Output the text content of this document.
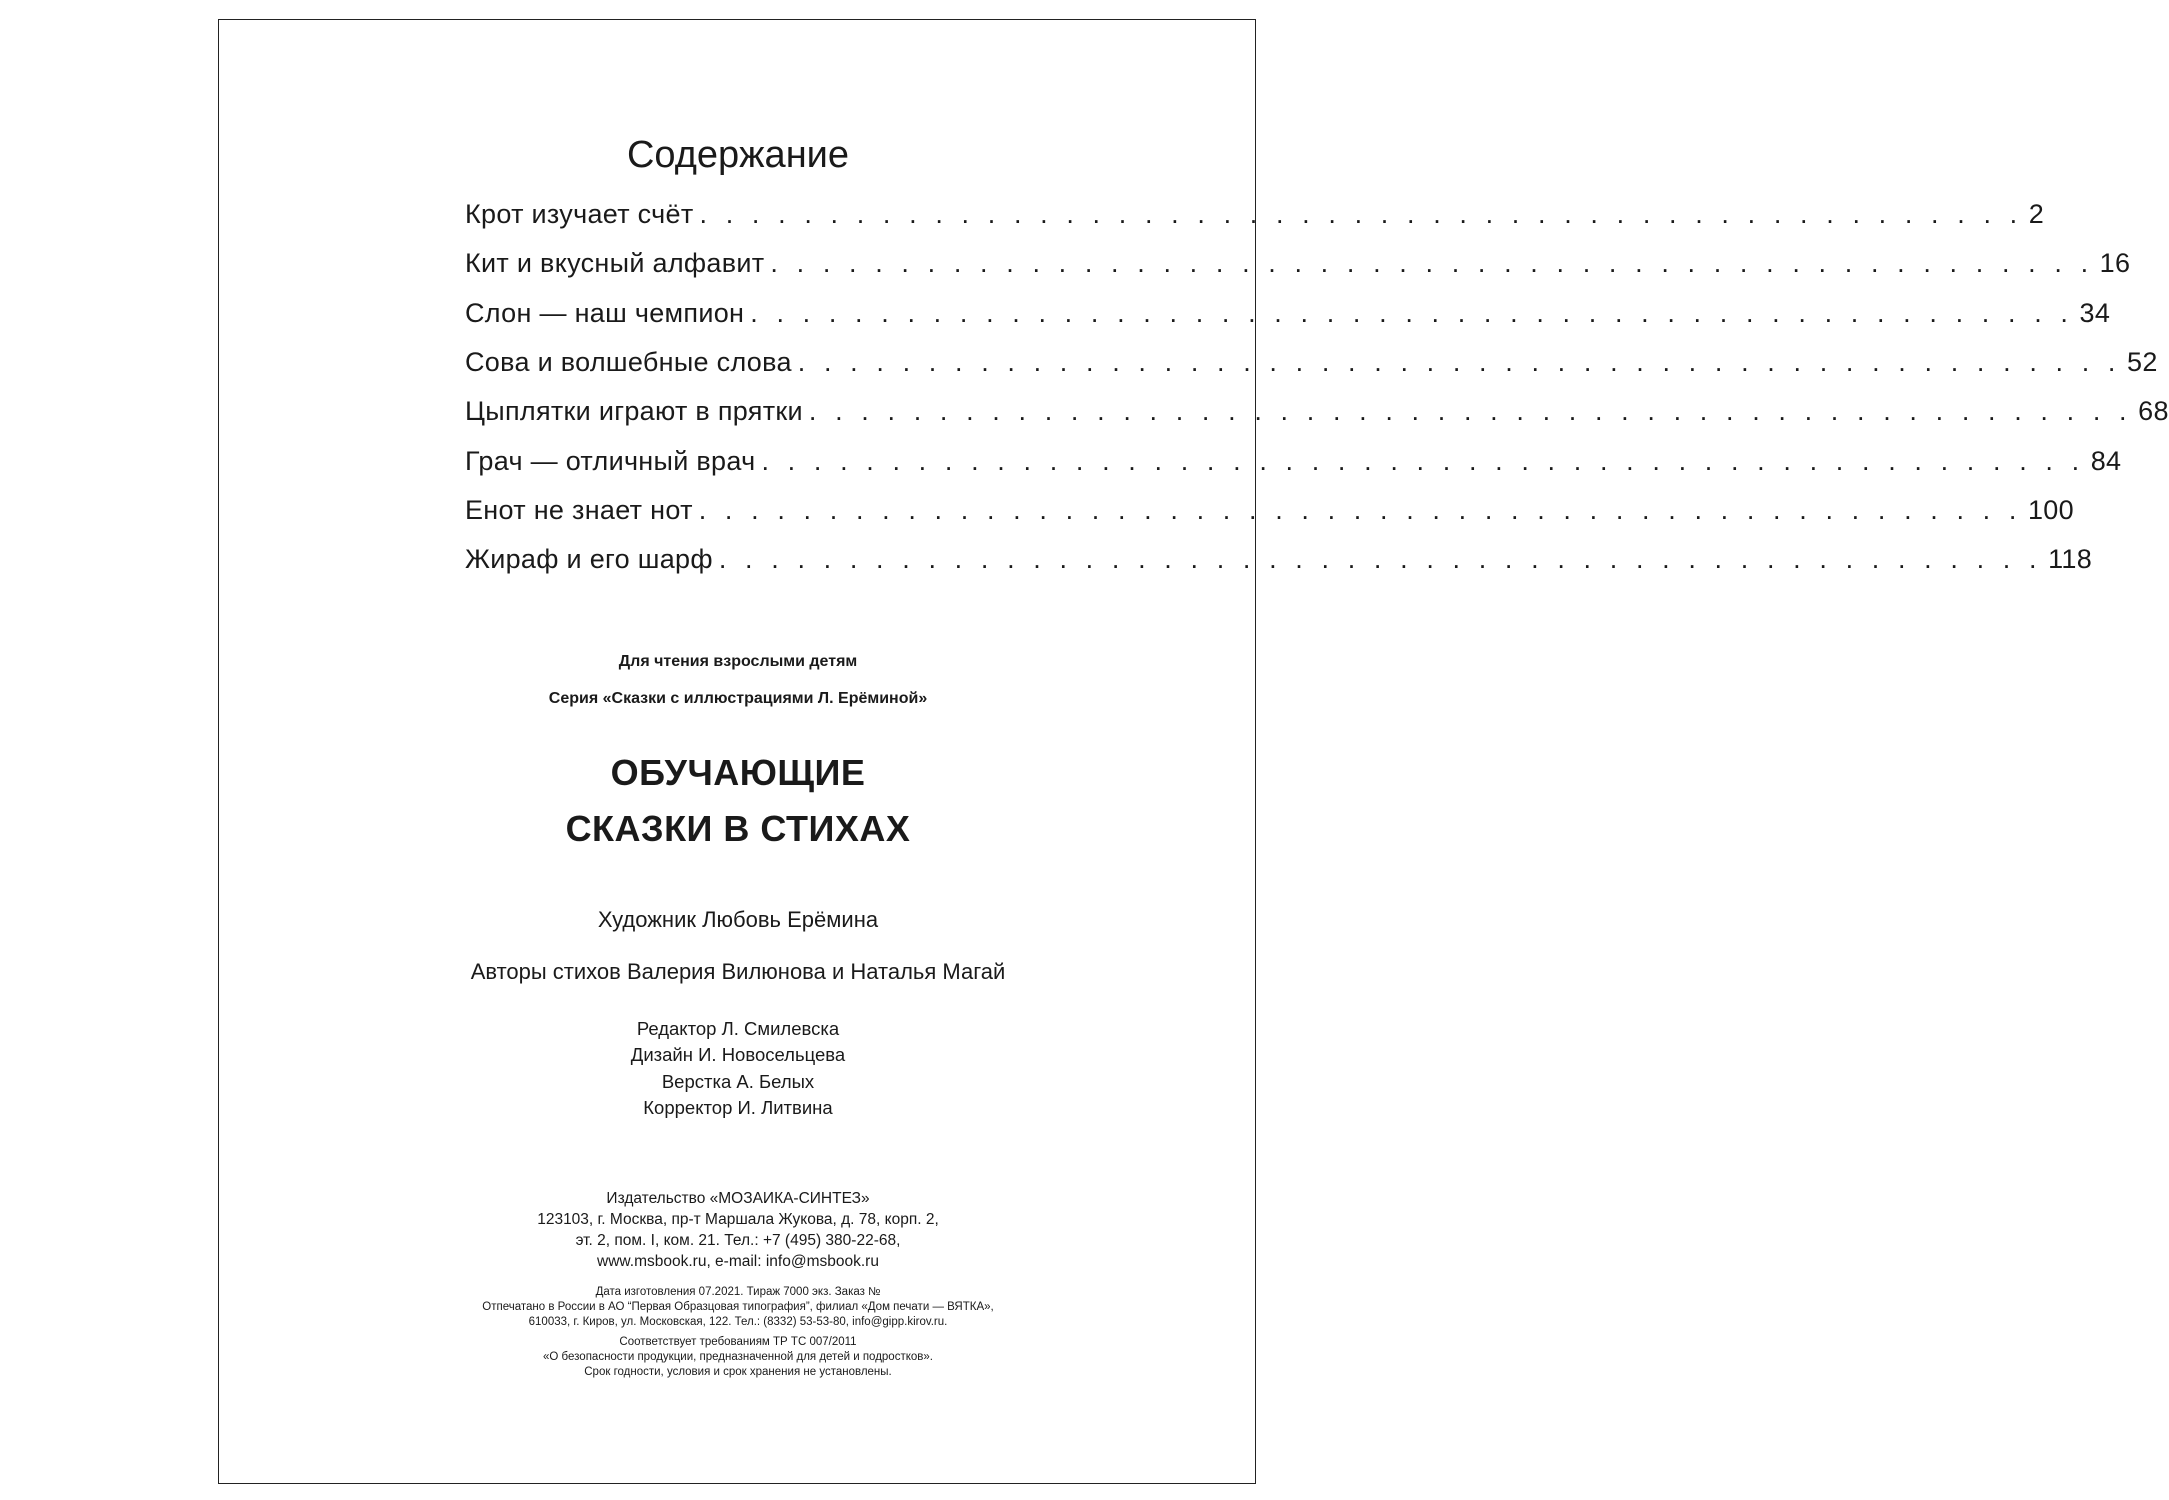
Содержание
Крот изучает счёт . . . . . . . . . . . . . . . . . . . . . . . . . . . . . . . . . . . . . . . . . . . . . . . . . . . 2
Кит и вкусный алфавит . . . . . . . . . . . . . . . . . . . . . . . . . . . . . . . . . . . . . . . . . . . . . . . . . . . 16
Слон — наш чемпион . . . . . . . . . . . . . . . . . . . . . . . . . . . . . . . . . . . . . . . . . . . . . . . . . . . 34
Сова и волшебные слова . . . . . . . . . . . . . . . . . . . . . . . . . . . . . . . . . . . . . . . . . . . . . . . . . . . 52
Цыплятки играют в прятки . . . . . . . . . . . . . . . . . . . . . . . . . . . . . . . . . . . . . . . . . . . . . . . . . . . 68
Грач — отличный врач . . . . . . . . . . . . . . . . . . . . . . . . . . . . . . . . . . . . . . . . . . . . . . . . . . . 84
Енот не знает нот . . . . . . . . . . . . . . . . . . . . . . . . . . . . . . . . . . . . . . . . . . . . . . . . . . . 100
Жираф и его шарф . . . . . . . . . . . . . . . . . . . . . . . . . . . . . . . . . . . . . . . . . . . . . . . . . . . 118

Для чтения взрослыми детям

Серия «Сказки с иллюстрациями Л. Ерёминой»

ОБУЧАЮЩИЕ

СКАЗКИ В СТИХАХ

Художник Любовь Ерёмина

Авторы стихов Валерия Вилюнова и Наталья Магай

Редактор Л. Смилевска

Дизайн И. Новосельцева

Верстка А. Белых

Корректор И. Литвина

Издательство «МОЗАИКА-СИНТЕЗ»

123103, г. Москва, пр-т Маршала Жукова, д. 78, корп. 2,

эт. 2, пом. I, ком. 21. Тел.: +7 (495) 380-22-68,

www.msbook.ru, e-mail: info@msbook.ru

Дата изготовления 07.2021. Тираж 7000 экз. Заказ №

Отпечатано в России в АО “Первая Образцовая типография”, филиал «Дом печати — ВЯТКА»,

610033, г. Киров, ул. Московская, 122. Тел.: (8332) 53-53-80, info@gipp.kirov.ru.

Соответствует требованиям ТР ТС 007/2011

«О безопасности продукции, предназначенной для детей и подростков».

Срок годности, условия и срок хранения не установлены.
